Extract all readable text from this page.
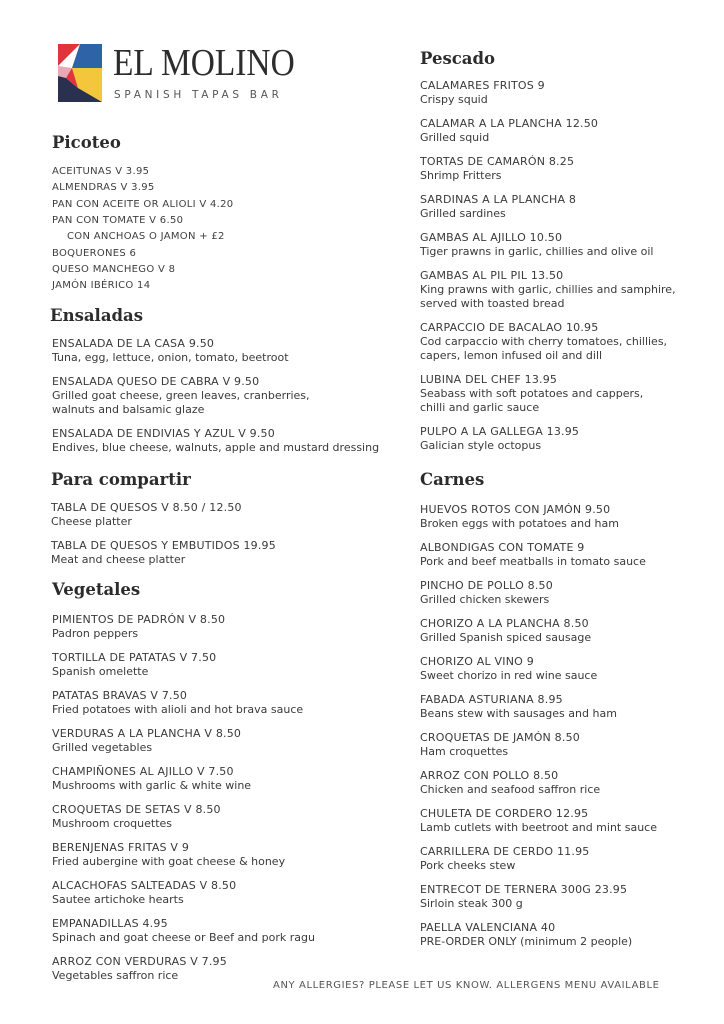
EL MOLINO
SPANISH TAPAS BAR
Picoteo
ACEITUNAS V 3.95
ALMENDRAS V 3.95
PAN CON ACEITE OR ALIOLI V 4.20
PAN CON TOMATE V 6.50
CON ANCHOAS O JAMON + £2
BOQUERONES 6
QUESO MANCHEGO V 8
JAMÓN IBÉRICO 14
Ensaladas
ENSALADA DE LA CASA 9.50
Tuna, egg, lettuce, onion, tomato, beetroot
ENSALADA QUESO DE CABRA V 9.50
Grilled goat cheese, green leaves, cranberries, walnuts and balsamic glaze
ENSALADA DE ENDIVIAS Y AZUL V 9.50
Endives, blue cheese, walnuts, apple and mustard dressing
Para compartir
TABLA DE QUESOS V 8.50 / 12.50
Cheese platter
TABLA DE QUESOS Y EMBUTIDOS 19.95
Meat and cheese platter
Vegetales
PIMIENTOS DE PADRÓN V 8.50
Padron peppers
TORTILLA DE PATATAS V 7.50
Spanish omelette
PATATAS BRAVAS V 7.50
Fried potatoes with alioli and hot brava sauce
VERDURAS A LA PLANCHA V 8.50
Grilled vegetables
CHAMPIÑONES AL AJILLO V 7.50
Mushrooms with garlic & white wine
CROQUETAS DE SETAS V 8.50
Mushroom croquettes
BERENJENAS FRITAS V 9
Fried aubergine with goat cheese & honey
ALCACHOFAS SALTEADAS V 8.50
Sautee artichoke hearts
EMPANADILLAS 4.95
Spinach and goat cheese or Beef and pork ragu
ARROZ CON VERDURAS V 7.95
Vegetables saffron rice
Pescado
CALAMARES FRITOS 9
Crispy squid
CALAMAR A LA PLANCHA 12.50
Grilled squid
TORTAS DE CAMARÓN 8.25
Shrimp Fritters
SARDINAS A LA PLANCHA 8
Grilled sardines
GAMBAS AL AJILLO 10.50
Tiger prawns in garlic, chillies and olive oil
GAMBAS AL PIL PIL 13.50
King prawns with garlic, chillies and samphire, served with toasted bread
CARPACCIO DE BACALAO 10.95
Cod carpaccio with cherry tomatoes, chillies, capers, lemon infused oil and dill
LUBINA DEL CHEF 13.95
Seabass with soft potatoes and cappers, chilli and garlic sauce
PULPO A LA GALLEGA 13.95
Galician style octopus
Carnes
HUEVOS ROTOS CON JAMÓN 9.50
Broken eggs with potatoes and ham
ALBONDIGAS CON TOMATE 9
Pork and beef meatballs in tomato sauce
PINCHO DE POLLO 8.50
Grilled chicken skewers
CHORIZO A LA PLANCHA 8.50
Grilled Spanish spiced sausage
CHORIZO AL VINO 9
Sweet chorizo in red wine sauce
FABADA ASTURIANA 8.95
Beans stew with sausages and ham
CROQUETAS DE JAMÓN 8.50
Ham croquettes
ARROZ CON POLLO 8.50
Chicken and seafood saffron rice
CHULETA DE CORDERO 12.95
Lamb cutlets with beetroot and mint sauce
CARRILLERA DE CERDO 11.95
Pork cheeks stew
ENTRECOT DE TERNERA 300G 23.95
Sirloin steak 300 g
PAELLA VALENCIANA 40
PRE-ORDER ONLY (minimum 2 people)
ANY ALLERGIES? PLEASE LET US KNOW. ALLERGENS MENU AVAILABLE
